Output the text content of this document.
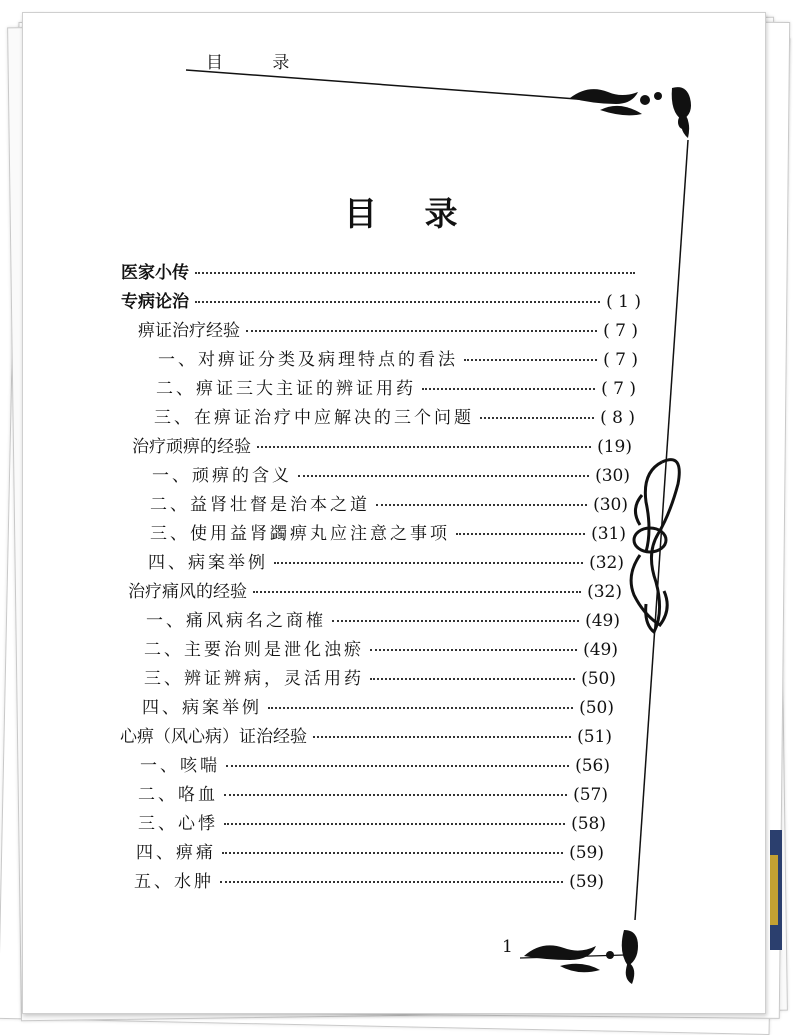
目 录
目 录
医家小传
专病论治	( 1 )
痹证治疗经验	( 7 )
一、对痹证分类及病理特点的看法	( 7 )
二、痹证三大主证的辨证用药	( 7 )
三、在痹证治疗中应解决的三个问题	( 8 )
治疗顽痹的经验	(19)
一、顽痹的含义	(30)
二、益肾壮督是治本之道	(30)
三、使用益肾蠲痹丸应注意之事项	(31)
四、病案举例	(32)
治疗痛风的经验	(32)
一、痛风病名之商榷	(49)
二、主要治则是泄化浊瘀	(49)
三、辨证辨病，灵活用药	(50)
四、病案举例	(50)
心痹（风心病）证治经验	(51)
一、咳喘	(56)
二、咯血	(57)
三、心悸	(58)
四、痹痛	(59)
五、水肿	(59)
1
